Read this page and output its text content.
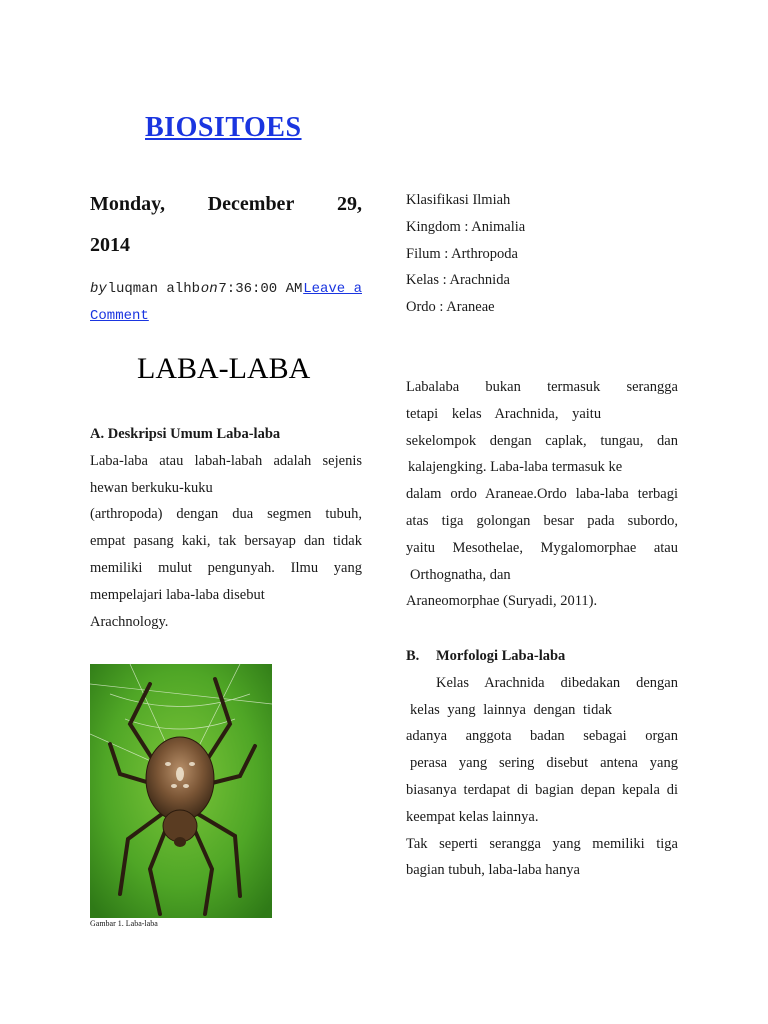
BIOSITOES
Monday, December 29,
2014
by luqman alhb on 7:36:00 AM Leave a
Comment
LABA-LABA

A. Deskripsi Umum Laba-laba

Laba-laba atau labah-labah adalah sejenis

hewan berkuku-kuku

(arthropoda) dengan dua segmen tubuh,

empat pasang kaki, tak bersayap dan tidak

memiliki mulut pengunyah. Ilmu yang

mempelajari laba-laba disebut

Arachnology.

Gambar 1. Laba-laba

Klasifikasi Ilmiah

Kingdom : Animalia

Filum : Arthropoda

Kelas : Arachnida

Ordo : Araneae

Labalaba bukan termasuk serangga

tetapi kelas Arachnida, yaitu

sekelompok dengan caplak, tungau, dan

kalajengking. Laba-laba termasuk ke

dalam ordo Araneae.Ordo laba-laba terbagi

atas tiga golongan besar pada subordo,

yaitu Mesothelae, Mygalomorphae atau

Orthognatha, dan

Araneomorphae (Suryadi, 2011).

B. Morfologi Laba-laba

Kelas Arachnida dibedakan dengan

kelas yang lainnya dengan tidak

adanya anggota badan sebagai organ

perasa yang sering disebut antena yang

biasanya terdapat di bagian depan kepala di

keempat kelas lainnya.

Tak seperti serangga yang memiliki tiga

bagian tubuh, laba-laba hanya
